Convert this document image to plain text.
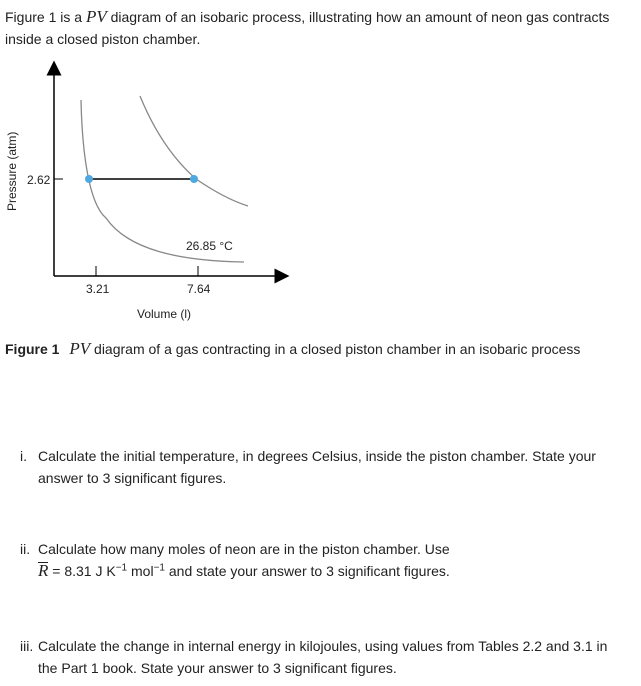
Figure 1 is a PV diagram of an isobaric process, illustrating how an amount of neon gas contracts inside a closed piston chamber.
2.62
3.21	7.64
Volume (l)
Pressure (atm)
26.85 °C
Figure 1 PV diagram of a gas contracting in a closed piston chamber in an isobaric process
i. Calculate the initial temperature, in degrees Celsius, inside the piston chamber. State your answer to 3 significant figures.
ii. Calculate how many moles of neon are in the piston chamber. Use
R = 8.31 J $K^{-1}$ mol$^{-1}$ and state your answer to 3 significant figures.
iii. Calculate the change in internal energy in kilojoules, using values from Tables 2.2 and 3.1 in the Part 1 book. State your answer to 3 significant figures.
